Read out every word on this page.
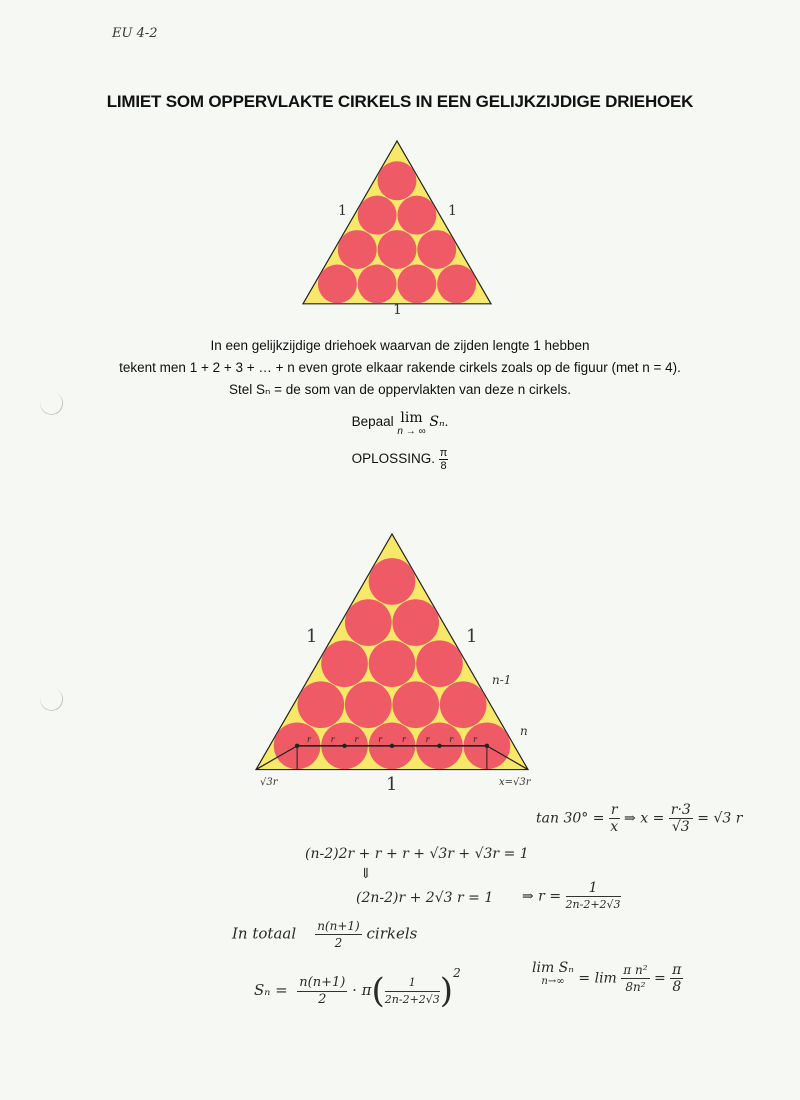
EU 4-2
LIMIET SOM OPPERVLAKTE CIRKELS IN EEN GELIJKZIJDIGE DRIEHOEK
1	1
1
In een gelijkzijdige driehoek waarvan de zijden lengte 1 hebben
tekent men 1 + 2 + 3 + … + n even grote elkaar rakende cirkels zoals op de figuur (met n = 4).
Stel Sₙ = de som van de oppervlakten van deze n cirkels.
Bepaal lim
n → ∞
Sₙ.
OPLOSSING. $\frac{\pi}{8}$
r r r r r r r r
1	1
1
n-1
n
√3r	x=√3r
$\tan 30^\circ = \frac{r}{x}$ ⇒ $x = \frac{r\cdot 3}{√3} = √3$ r
(n-2)2r + r + r + √3r + √3r = 1
⇓
(2n-2)r + 2√3 r = 1 ⇒ $r = \frac{1}{2n-2+2√3}$
In totaal $\frac{n(n+1)}{2}$ cirkels
$S_n = \frac{n(n+1)}{2} \cdot \pi( \frac{1}{2n-2+2√3} )^2$	lim Sₙ
$n\to\infty = \lim \frac{\text{π n²}}{\text{8n²}} = \frac{\pi}{8}$
